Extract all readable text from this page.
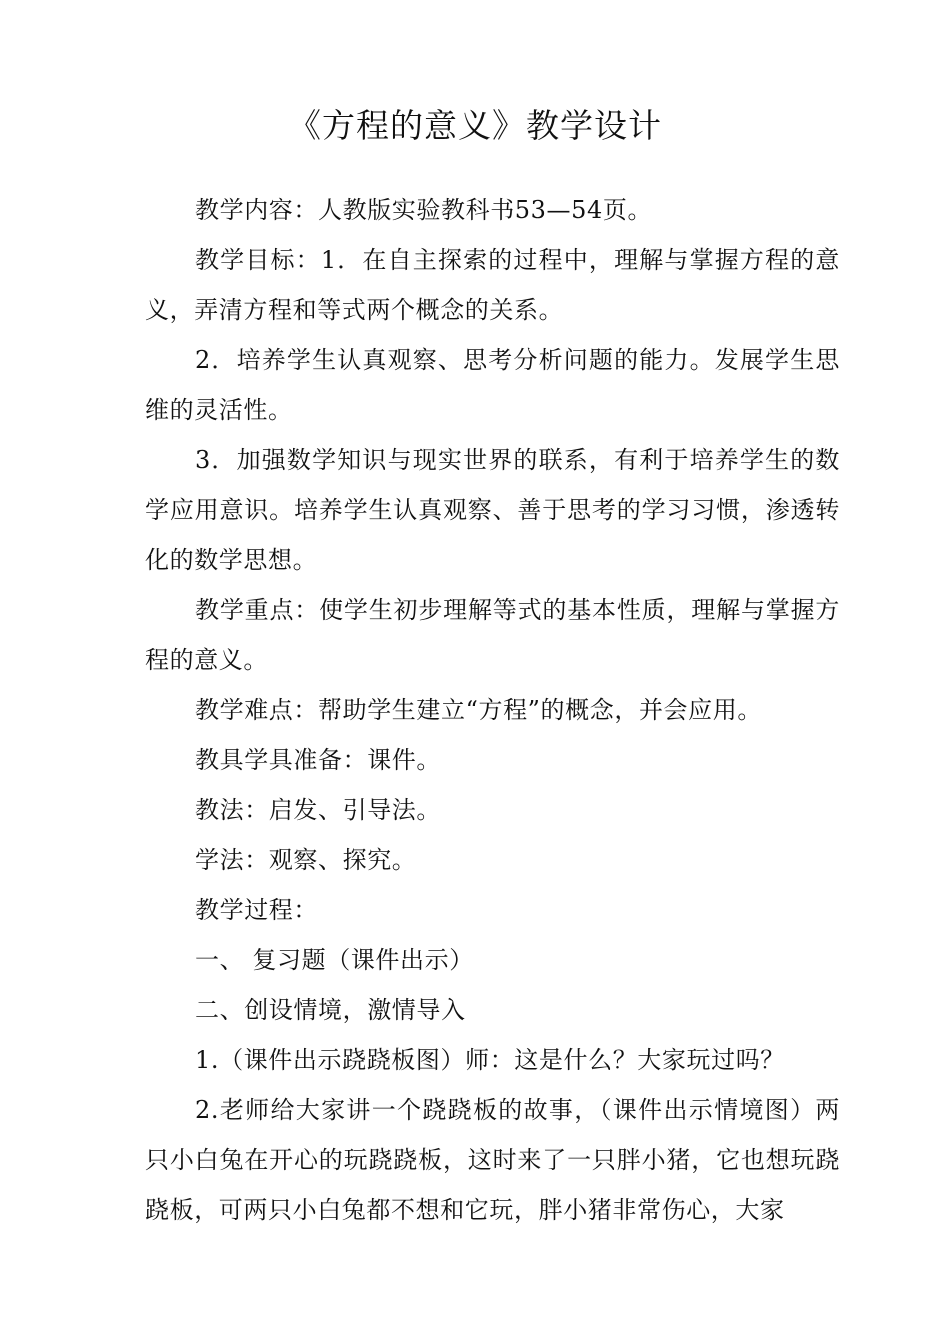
《方程的意义》教学设计

教学内容：人教版实验教科书53—54页。

教学目标：1．在自主探索的过程中，理解与掌握方程的意义，弄清方程和等式两个概念的关系。

2．培养学生认真观察、思考分析问题的能力。发展学生思维的灵活性。

3．加强数学知识与现实世界的联系，有利于培养学生的数学应用意识。培养学生认真观察、善于思考的学习习惯，渗透转化的数学思想。

教学重点：使学生初步理解等式的基本性质，理解与掌握方程的意义。

教学难点：帮助学生建立“方程”的概念，并会应用。

教具学具准备：课件。

教法：启发、引导法。

学法：观察、探究。

教学过程：

一、 复习题（课件出示）

二、创设情境，激情导入

1.（课件出示跷跷板图）师：这是什么？大家玩过吗？

2.老师给大家讲一个跷跷板的故事，（课件出示情境图）两只小白兔在开心的玩跷跷板，这时来了一只胖小猪，它也想玩跷跷板，可两只小白兔都不想和它玩，胖小猪非常伤心，大家
